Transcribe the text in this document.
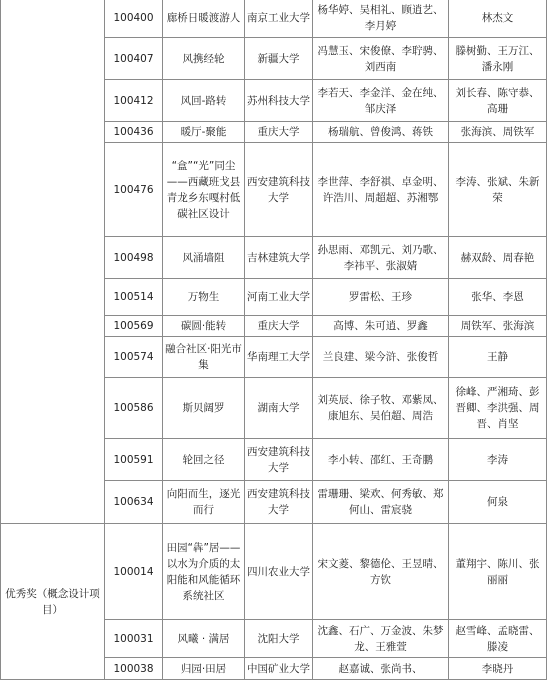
	100400	廊桥日暖渡游人	南京工业大学	杨华婷、吴相礼、顾逍艺、李月婷	林杰文
	100407	风携经轮	新疆大学	冯慧玉、宋俊僚、李聍骋、刘西南	滕树勤、王万江、潘永刚
	100412	风回-路转	苏州科技大学	李若天、李金洋、金在纯、邹庆泽	刘长春、陈守恭、高珊
	100436	暖厅-聚能	重庆大学	杨瑞航、曾俊鸿、蒋铁	张海滨、周铁军
	100476	“盒”“光”同尘——西藏班戈县青龙乡东嘎村低碳社区设计	西安建筑科技大学	李世萍、李舒祺、卓金明、许浩川、周超超、苏湘鄂	李涛、张斌、朱新荣
	100498	风涌墙阻	吉林建筑大学	孙思雨、邓凯元、刘乃歌、李祎平、张淑婧	赫双龄、周春艳
	100514	万物生	河南工业大学	罗雷松、王珍	张华、李恩
	100569	碳圆·能转	重庆大学	高博、朱可逍、罗鑫	周铁军、张海滨
	100574	融合社区·阳光市集	华南理工大学	兰良建、梁今浒、张俊哲	王静
	100586	斯贝阔罗	湖南大学	刘英辰、徐子牧、邓紫凤、康旭东、吴伯超、周浩	徐峰、严湘琦、彭晋卿、李洪强、周晋、肖坚
	100591	轮回之径	西安建筑科技大学	李小转、邵红、王奇鹏	李涛
	100634	向阳而生，逐光而行	西安建筑科技大学	雷珊珊、梁欢、何秀敏、郑何山、雷宸骁	何泉
优秀奖（概念设计项目）	100014	田园“犇”居——以水为介质的太阳能和风能循环系统社区	四川农业大学	宋文菱、黎德伦、王昱晴、方钦	董翔宇、陈川、张丽丽
	100031	风曦 · 满居	沈阳大学	沈鑫、石广、万金波、朱梦龙、王雅萱	赵雪峰、孟晓雷、滕凌
	100038	归园·田居	中国矿业大学	赵嘉诚、张尚书、	李晓丹
